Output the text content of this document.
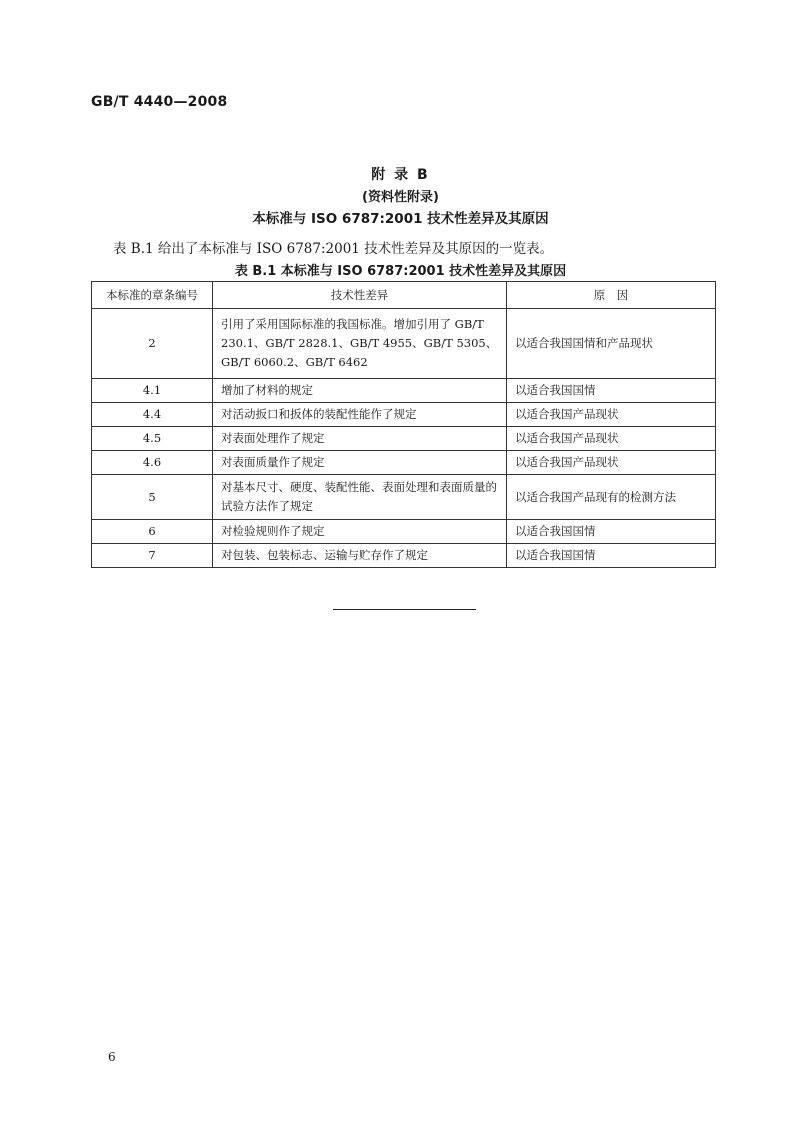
GB/T 4440—2008
附 录 B
(资料性附录)
本标准与 ISO 6787:2001 技术性差异及其原因
表 B.1 给出了本标准与 ISO 6787:2001 技术性差异及其原因的一览表。
表 B.1 本标准与 ISO 6787:2001 技术性差异及其原因
本标准的章条编号	技术性差异	原　因
2	引用了采用国际标准的我国标准。增加引用了 GB/T 230.1、GB/T 2828.1、GB/T 4955、GB/T 5305、GB/T 6060.2、GB/T 6462	以适合我国国情和产品现状
4.1	增加了材料的规定	以适合我国国情
4.4	对活动扳口和扳体的装配性能作了规定	以适合我国产品现状
4.5	对表面处理作了规定	以适合我国产品现状
4.6	对表面质量作了规定	以适合我国产品现状
5	对基本尺寸、硬度、装配性能、表面处理和表面质量的试验方法作了规定	以适合我国产品现有的检测方法
6	对检验规则作了规定	以适合我国国情
7	对包装、包装标志、运输与贮存作了规定	以适合我国国情
6
